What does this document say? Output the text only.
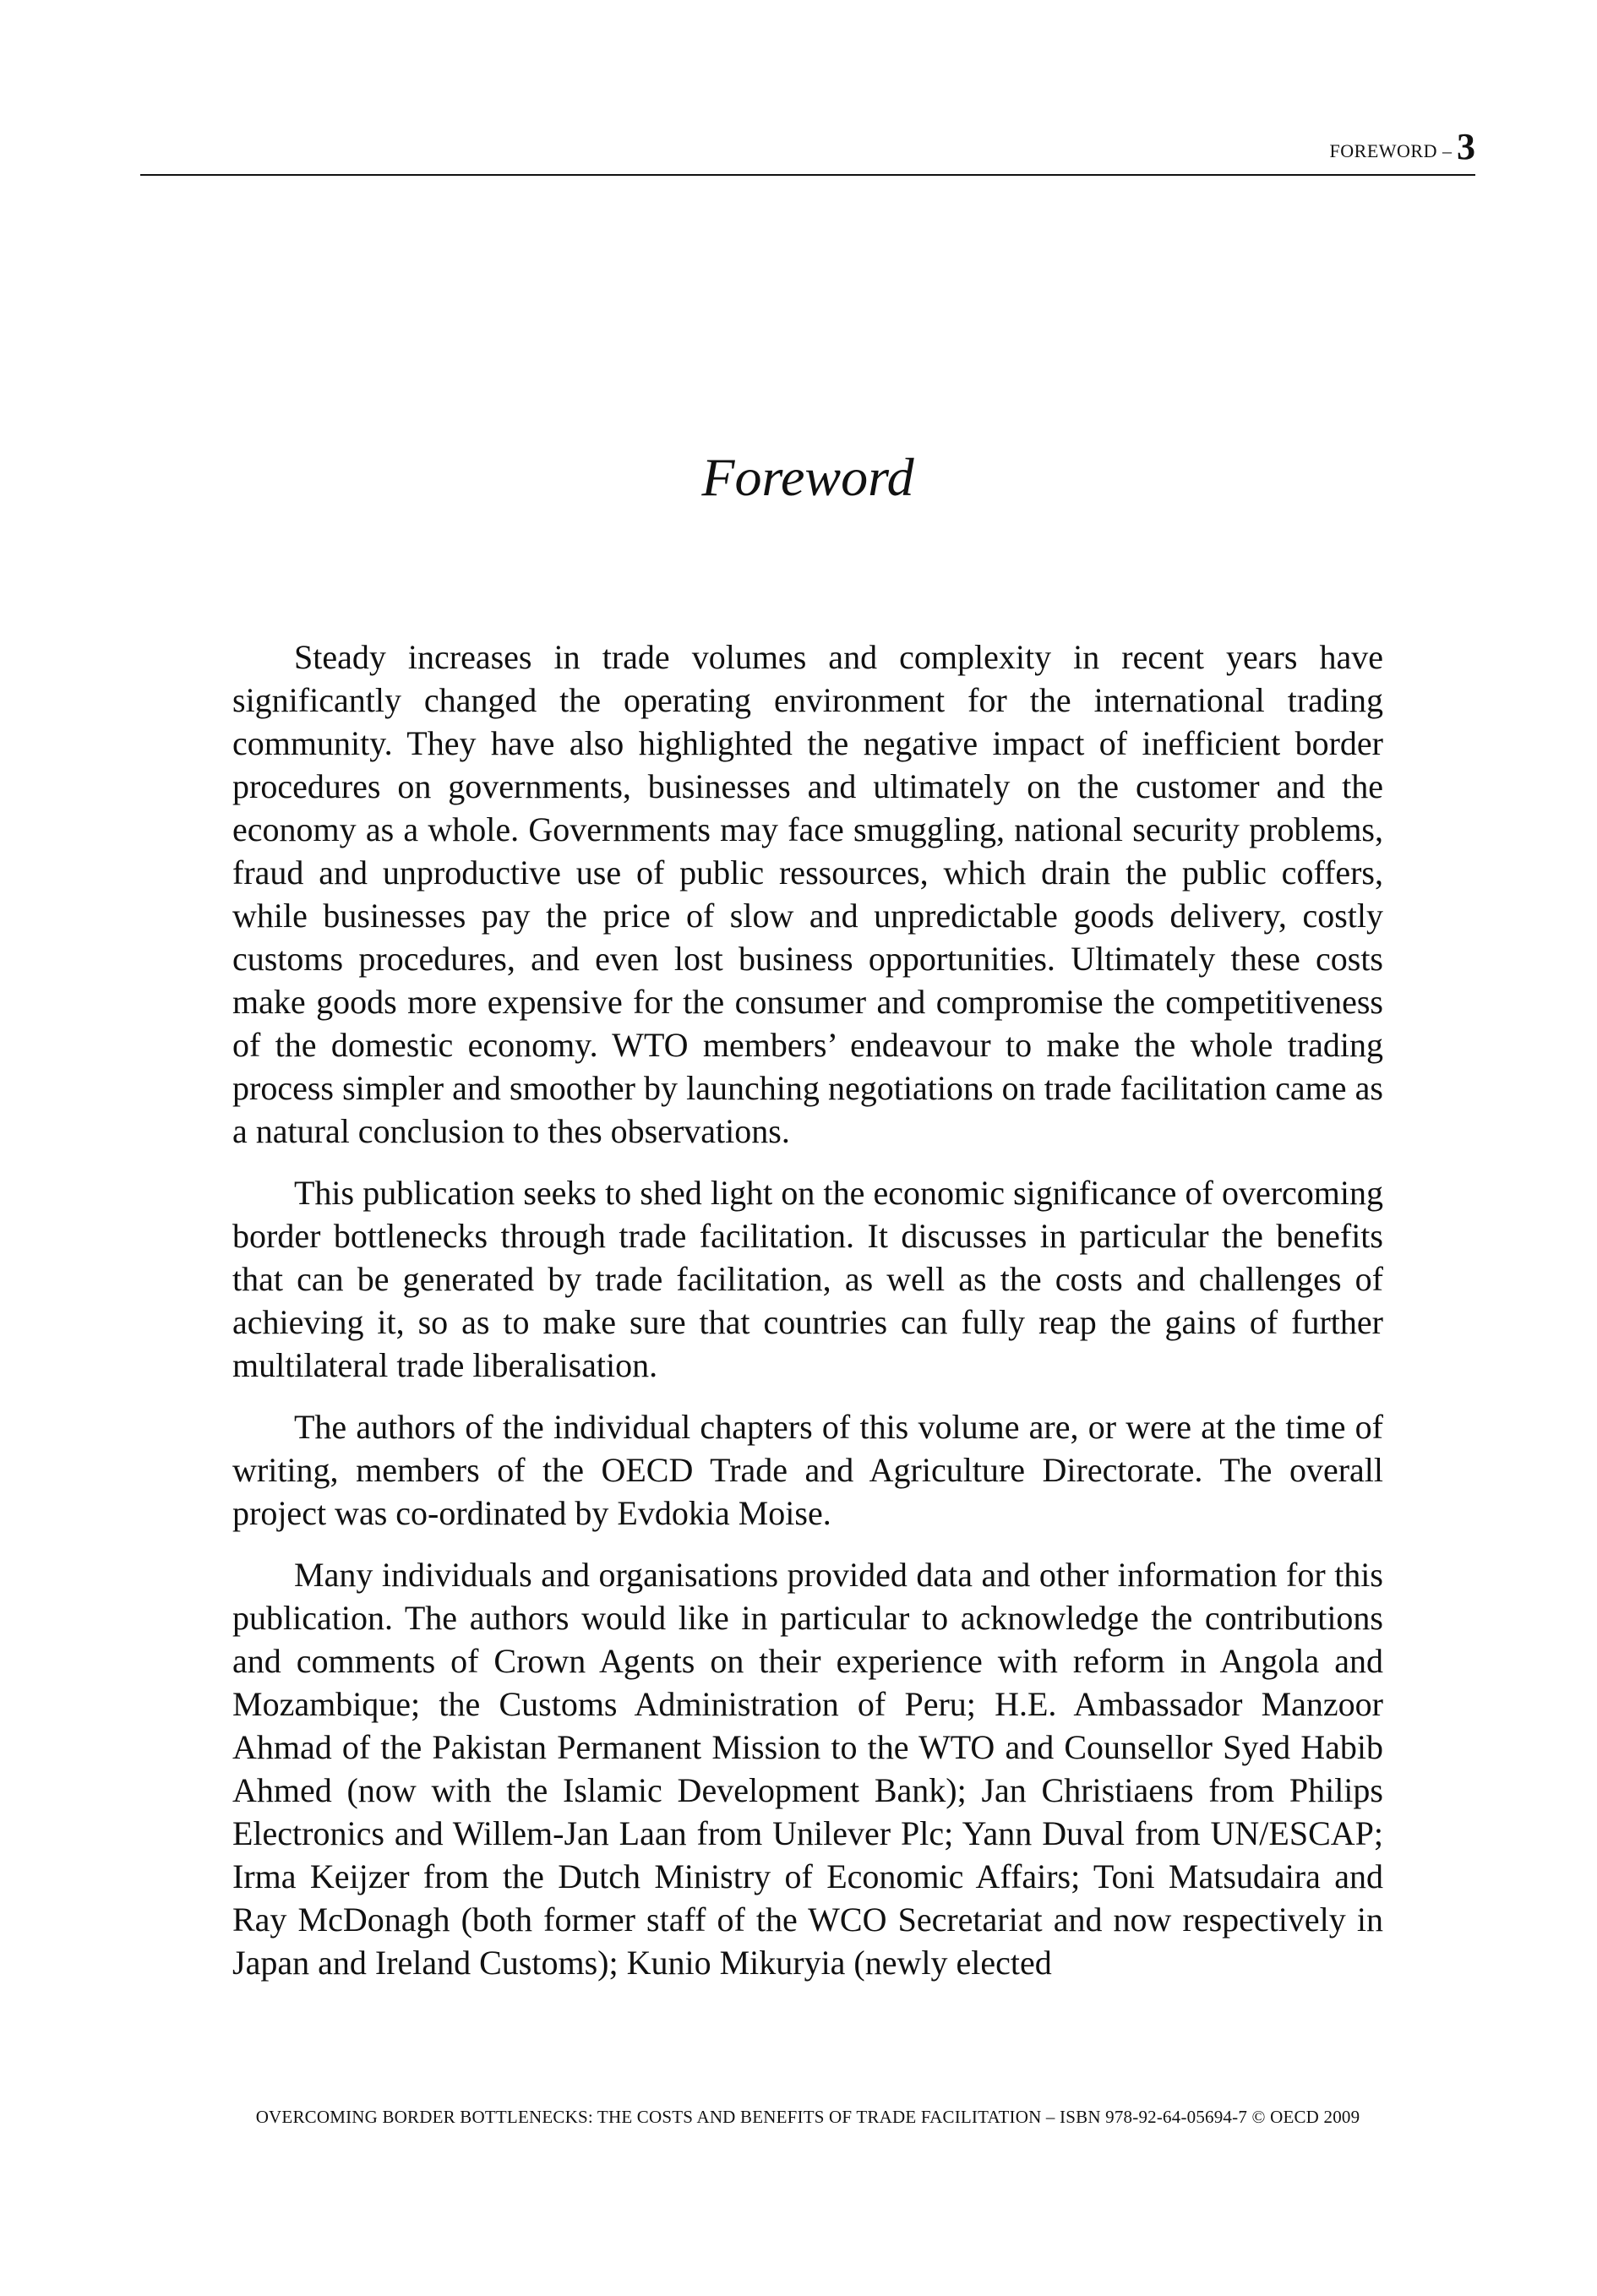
FOREWORD – 3
Foreword

Steady increases in trade volumes and complexity in recent years have significantly changed the operating environment for the international trading community. They have also highlighted the negative impact of inefficient border procedures on governments, businesses and ultimately on the customer and the economy as a whole. Governments may face smuggling, national security problems, fraud and unproductive use of public ressources, which drain the public coffers, while businesses pay the price of slow and unpredictable goods delivery, costly customs procedures, and even lost business opportunities. Ultimately these costs make goods more expensive for the consumer and compromise the competitiveness of the domestic economy. WTO members’ endeavour to make the whole trading process simpler and smoother by launching negotiations on trade facilitation came as a natural conclusion to thes observations.

This publication seeks to shed light on the economic significance of overcoming border bottlenecks through trade facilitation. It discusses in particular the benefits that can be generated by trade facilitation, as well as the costs and challenges of achieving it, so as to make sure that countries can fully reap the gains of further multilateral trade liberalisation.

The authors of the individual chapters of this volume are, or were at the time of writing, members of the OECD Trade and Agriculture Directorate. The overall project was co-ordinated by Evdokia Moise.

Many individuals and organisations provided data and other information for this publication. The authors would like in particular to acknowledge the contributions and comments of Crown Agents on their experience with reform in Angola and Mozambique; the Customs Administration of Peru; H.E. Ambassador Manzoor Ahmad of the Pakistan Permanent Mission to the WTO and Counsellor Syed Habib Ahmed (now with the Islamic Development Bank); Jan Christiaens from Philips Electronics and Willem-Jan Laan from Unilever Plc; Yann Duval from UN/ESCAP; Irma Keijzer from the Dutch Ministry of Economic Affairs; Toni Matsudaira and Ray McDonagh (both former staff of the WCO Secretariat and now respectively in Japan and Ireland Customs); Kunio Mikuryia (newly elected

OVERCOMING BORDER BOTTLENECKS: THE COSTS AND BENEFITS OF TRADE FACILITATION – ISBN 978-92-64-05694-7 © OECD 2009
